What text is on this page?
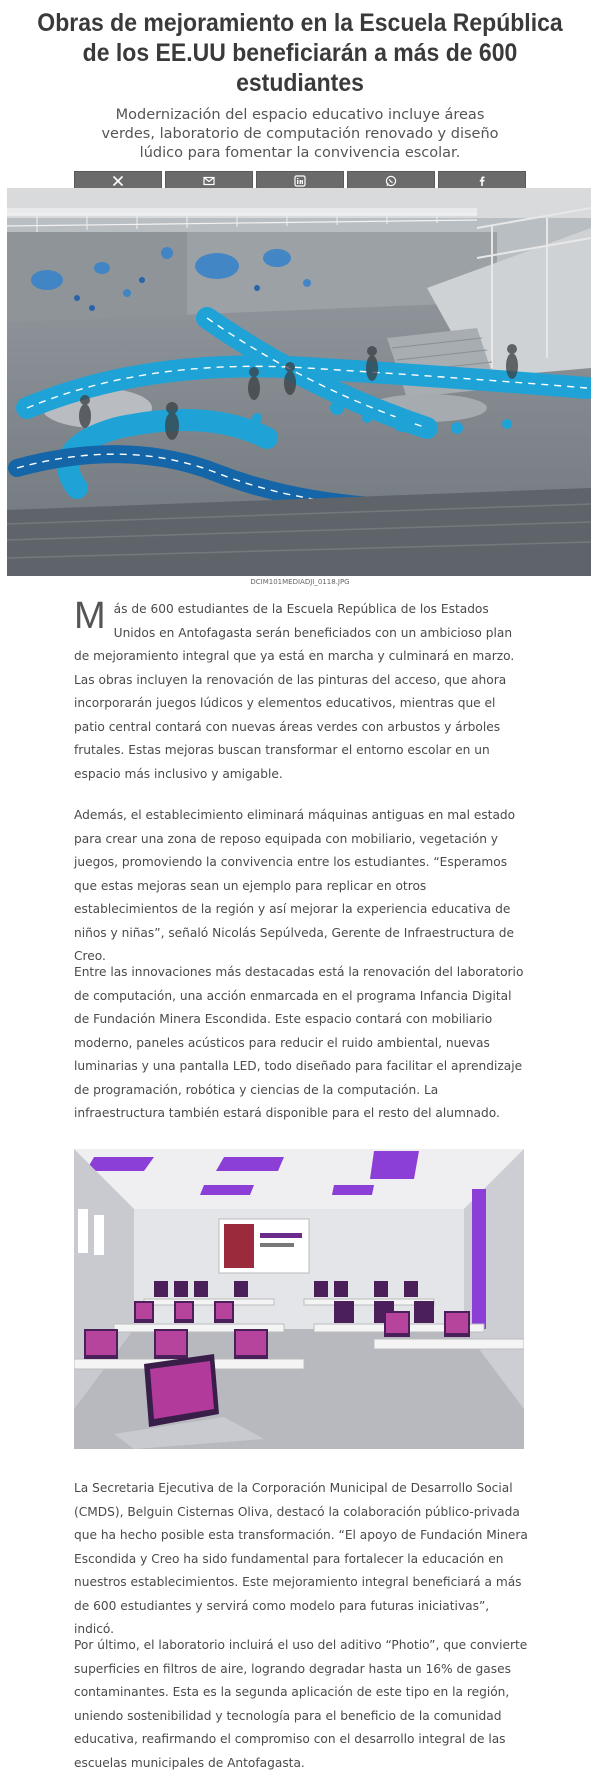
Obras de mejoramiento en la Escuela República de los EE.UU beneficiarán a más de 600 estudiantes
Modernización del espacio educativo incluye áreas verdes, laboratorio de computación renovado y diseño lúdico para fomentar la convivencia escolar.
DCIM101MEDIADJI_0118.JPG

Más de 600 estudiantes de la Escuela República de los Estados Unidos en Antofagasta serán beneficiados con un ambicioso plan de mejoramiento integral que ya está en marcha y culminará en marzo. Las obras incluyen la renovación de las pinturas del acceso, que ahora incorporarán juegos lúdicos y elementos educativos, mientras que el patio central contará con nuevas áreas verdes con arbustos y árboles frutales. Estas mejoras buscan transformar el entorno escolar en un espacio más inclusivo y amigable.

Además, el establecimiento eliminará máquinas antiguas en mal estado para crear una zona de reposo equipada con mobiliario, vegetación y juegos, promoviendo la convivencia entre los estudiantes. “Esperamos que estas mejoras sean un ejemplo para replicar en otros establecimientos de la región y así mejorar la experiencia educativa de niños y niñas”, señaló Nicolás Sepúlveda, Gerente de Infraestructura de Creo.

Entre las innovaciones más destacadas está la renovación del laboratorio de computación, una acción enmarcada en el programa Infancia Digital de Fundación Minera Escondida. Este espacio contará con mobiliario moderno, paneles acústicos para reducir el ruido ambiental, nuevas luminarias y una pantalla LED, todo diseñado para facilitar el aprendizaje de programación, robótica y ciencias de la computación. La infraestructura también estará disponible para el resto del alumnado.

La Secretaria Ejecutiva de la Corporación Municipal de Desarrollo Social (CMDS), Belguin Cisternas Oliva, destacó la colaboración público-privada que ha hecho posible esta transformación. “El apoyo de Fundación Minera Escondida y Creo ha sido fundamental para fortalecer la educación en nuestros establecimientos. Este mejoramiento integral beneficiará a más de 600 estudiantes y servirá como modelo para futuras iniciativas”, indicó.

Por último, el laboratorio incluirá el uso del aditivo “Photio”, que convierte superficies en filtros de aire, logrando degradar hasta un 16% de gases contaminantes. Esta es la segunda aplicación de este tipo en la región, uniendo sostenibilidad y tecnología para el beneficio de la comunidad educativa, reafirmando el compromiso con el desarrollo integral de las escuelas municipales de Antofagasta.
